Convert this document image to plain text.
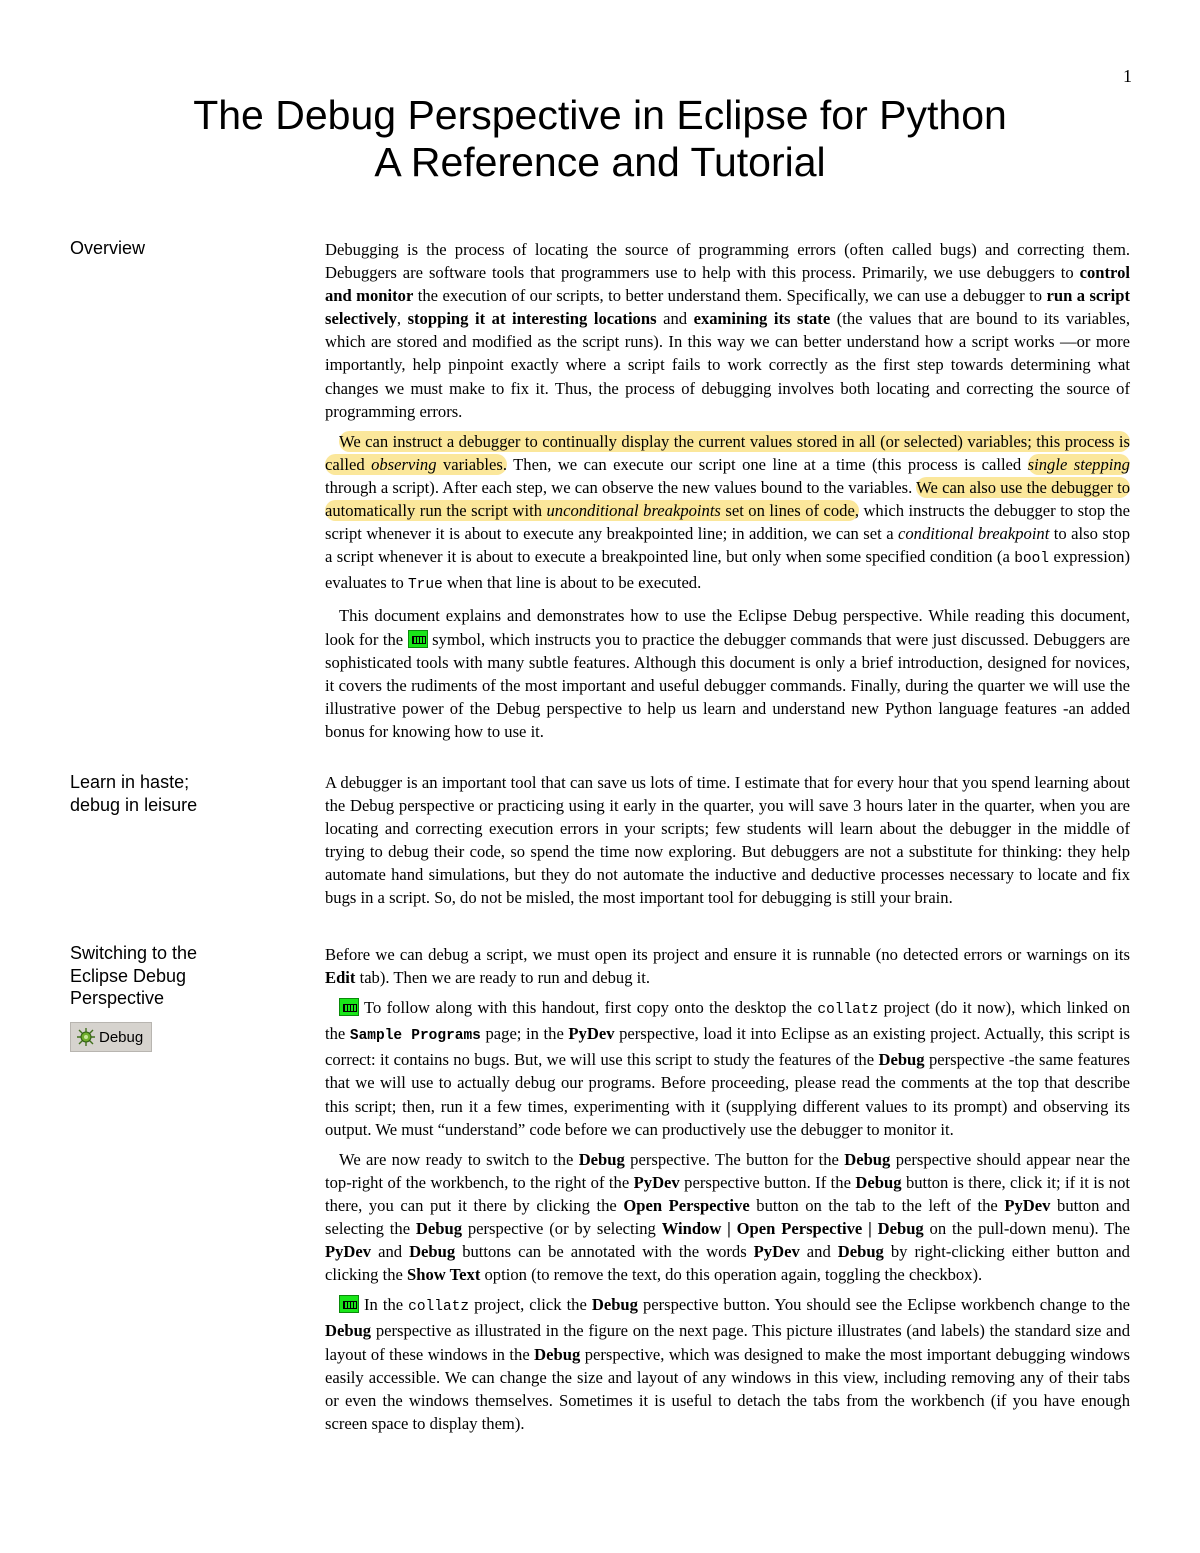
1
The Debug Perspective in Eclipse for Python
A Reference and Tutorial
Overview
Learn in haste;
debug in leisure
Switching to the
Eclipse Debug
Perspective
Debug

Debugging is the process of locating the source of programming errors (often called bugs) and correcting them. Debuggers are software tools that programmers use to help with this process. Primarily, we use debuggers to control and monitor the execution of our scripts, to better understand them. Specifically, we can use a debugger to run a script selectively, stopping it at interesting locations and examining its state (the values that are bound to its variables, which are stored and modified as the script runs). In this way we can better understand how a script works —or more importantly, help pinpoint exactly where a script fails to work correctly as the first step towards determining what changes we must make to fix it. Thus, the process of debugging involves both locating and correcting the source of programming errors.

We can instruct a debugger to continually display the current values stored in all (or selected) variables; this process is called observing variables. Then, we can execute our script one line at a time (this process is called single stepping through a script). After each step, we can observe the new values bound to the variables. We can also use the debugger to automatically run the script with unconditional breakpoints set on lines of code, which instructs the debugger to stop the script whenever it is about to execute any breakpointed line; in addition, we can set a conditional breakpoint to also stop a script whenever it is about to execute a breakpointed line, but only when some specified condition (a bool expression) evaluates to True when that line is about to be executed.

This document explains and demonstrates how to use the Eclipse Debug perspective. While reading this document, look for the  symbol, which instructs you to practice the debugger commands that were just discussed. Debuggers are sophisticated tools with many subtle features. Although this document is only a brief introduction, designed for novices, it covers the rudiments of the most important and useful debugger commands. Finally, during the quarter we will use the illustrative power of the Debug perspective to help us learn and understand new Python language features -an added bonus for knowing how to use it.

A debugger is an important tool that can save us lots of time. I estimate that for every hour that you spend learning about the Debug perspective or practicing using it early in the quarter, you will save 3 hours later in the quarter, when you are locating and correcting execution errors in your scripts; few students will learn about the debugger in the middle of trying to debug their code, so spend the time now exploring. But debuggers are not a substitute for thinking: they help automate hand simulations, but they do not automate the inductive and deductive processes necessary to locate and fix bugs in a script. So, do not be misled, the most important tool for debugging is still your brain.

Before we can debug a script, we must open its project and ensure it is runnable (no detected errors or warnings on its Edit tab). Then we are ready to run and debug it.

To follow along with this handout, first copy onto the desktop the collatz project (do it now), which linked on the Sample Programs page; in the PyDev perspective, load it into Eclipse as an existing project. Actually, this script is correct: it contains no bugs. But, we will use this script to study the features of the Debug perspective -the same features that we will use to actually debug our programs. Before proceeding, please read the comments at the top that describe this script; then, run it a few times, experimenting with it (supplying different values to its prompt) and observing its output. We must “understand” code before we can productively use the debugger to monitor it.

We are now ready to switch to the Debug perspective. The button for the Debug perspective should appear near the top-right of the workbench, to the right of the PyDev perspective button. If the Debug button is there, click it; if it is not there, you can put it there by clicking the Open Perspective button on the tab to the left of the PyDev button and selecting the Debug perspective (or by selecting Window | Open Perspective | Debug on the pull-down menu). The PyDev and Debug buttons can be annotated with the words PyDev and Debug by right-clicking either button and clicking the Show Text option (to remove the text, do this operation again, toggling the checkbox).

In the collatz project, click the Debug perspective button. You should see the Eclipse workbench change to the Debug perspective as illustrated in the figure on the next page. This picture illustrates (and labels) the standard size and layout of these windows in the Debug perspective, which was designed to make the most important debugging windows easily accessible. We can change the size and layout of any windows in this view, including removing any of their tabs or even the windows themselves. Sometimes it is useful to detach the tabs from the workbench (if you have enough screen space to display them).
